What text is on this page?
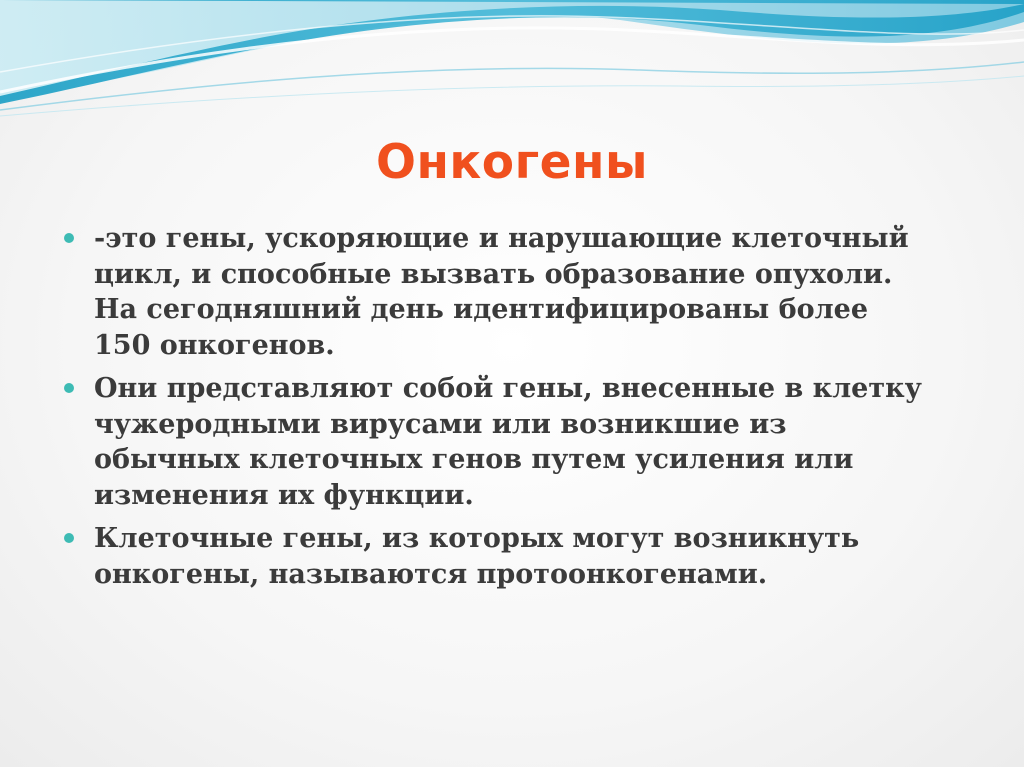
Онкогены
-это гены, ускоряющие и нарушающие клеточный
цикл, и способные вызвать образование опухоли.
На сегодняшний день идентифицированы более
150 онкогенов.
Они представляют собой гены, внесенные в клетку
чужеродными вирусами или возникшие из
обычных клеточных генов путем усиления или
изменения их функции.
Клеточные гены, из которых могут возникнуть
онкогены, называются протоонкогенами.
